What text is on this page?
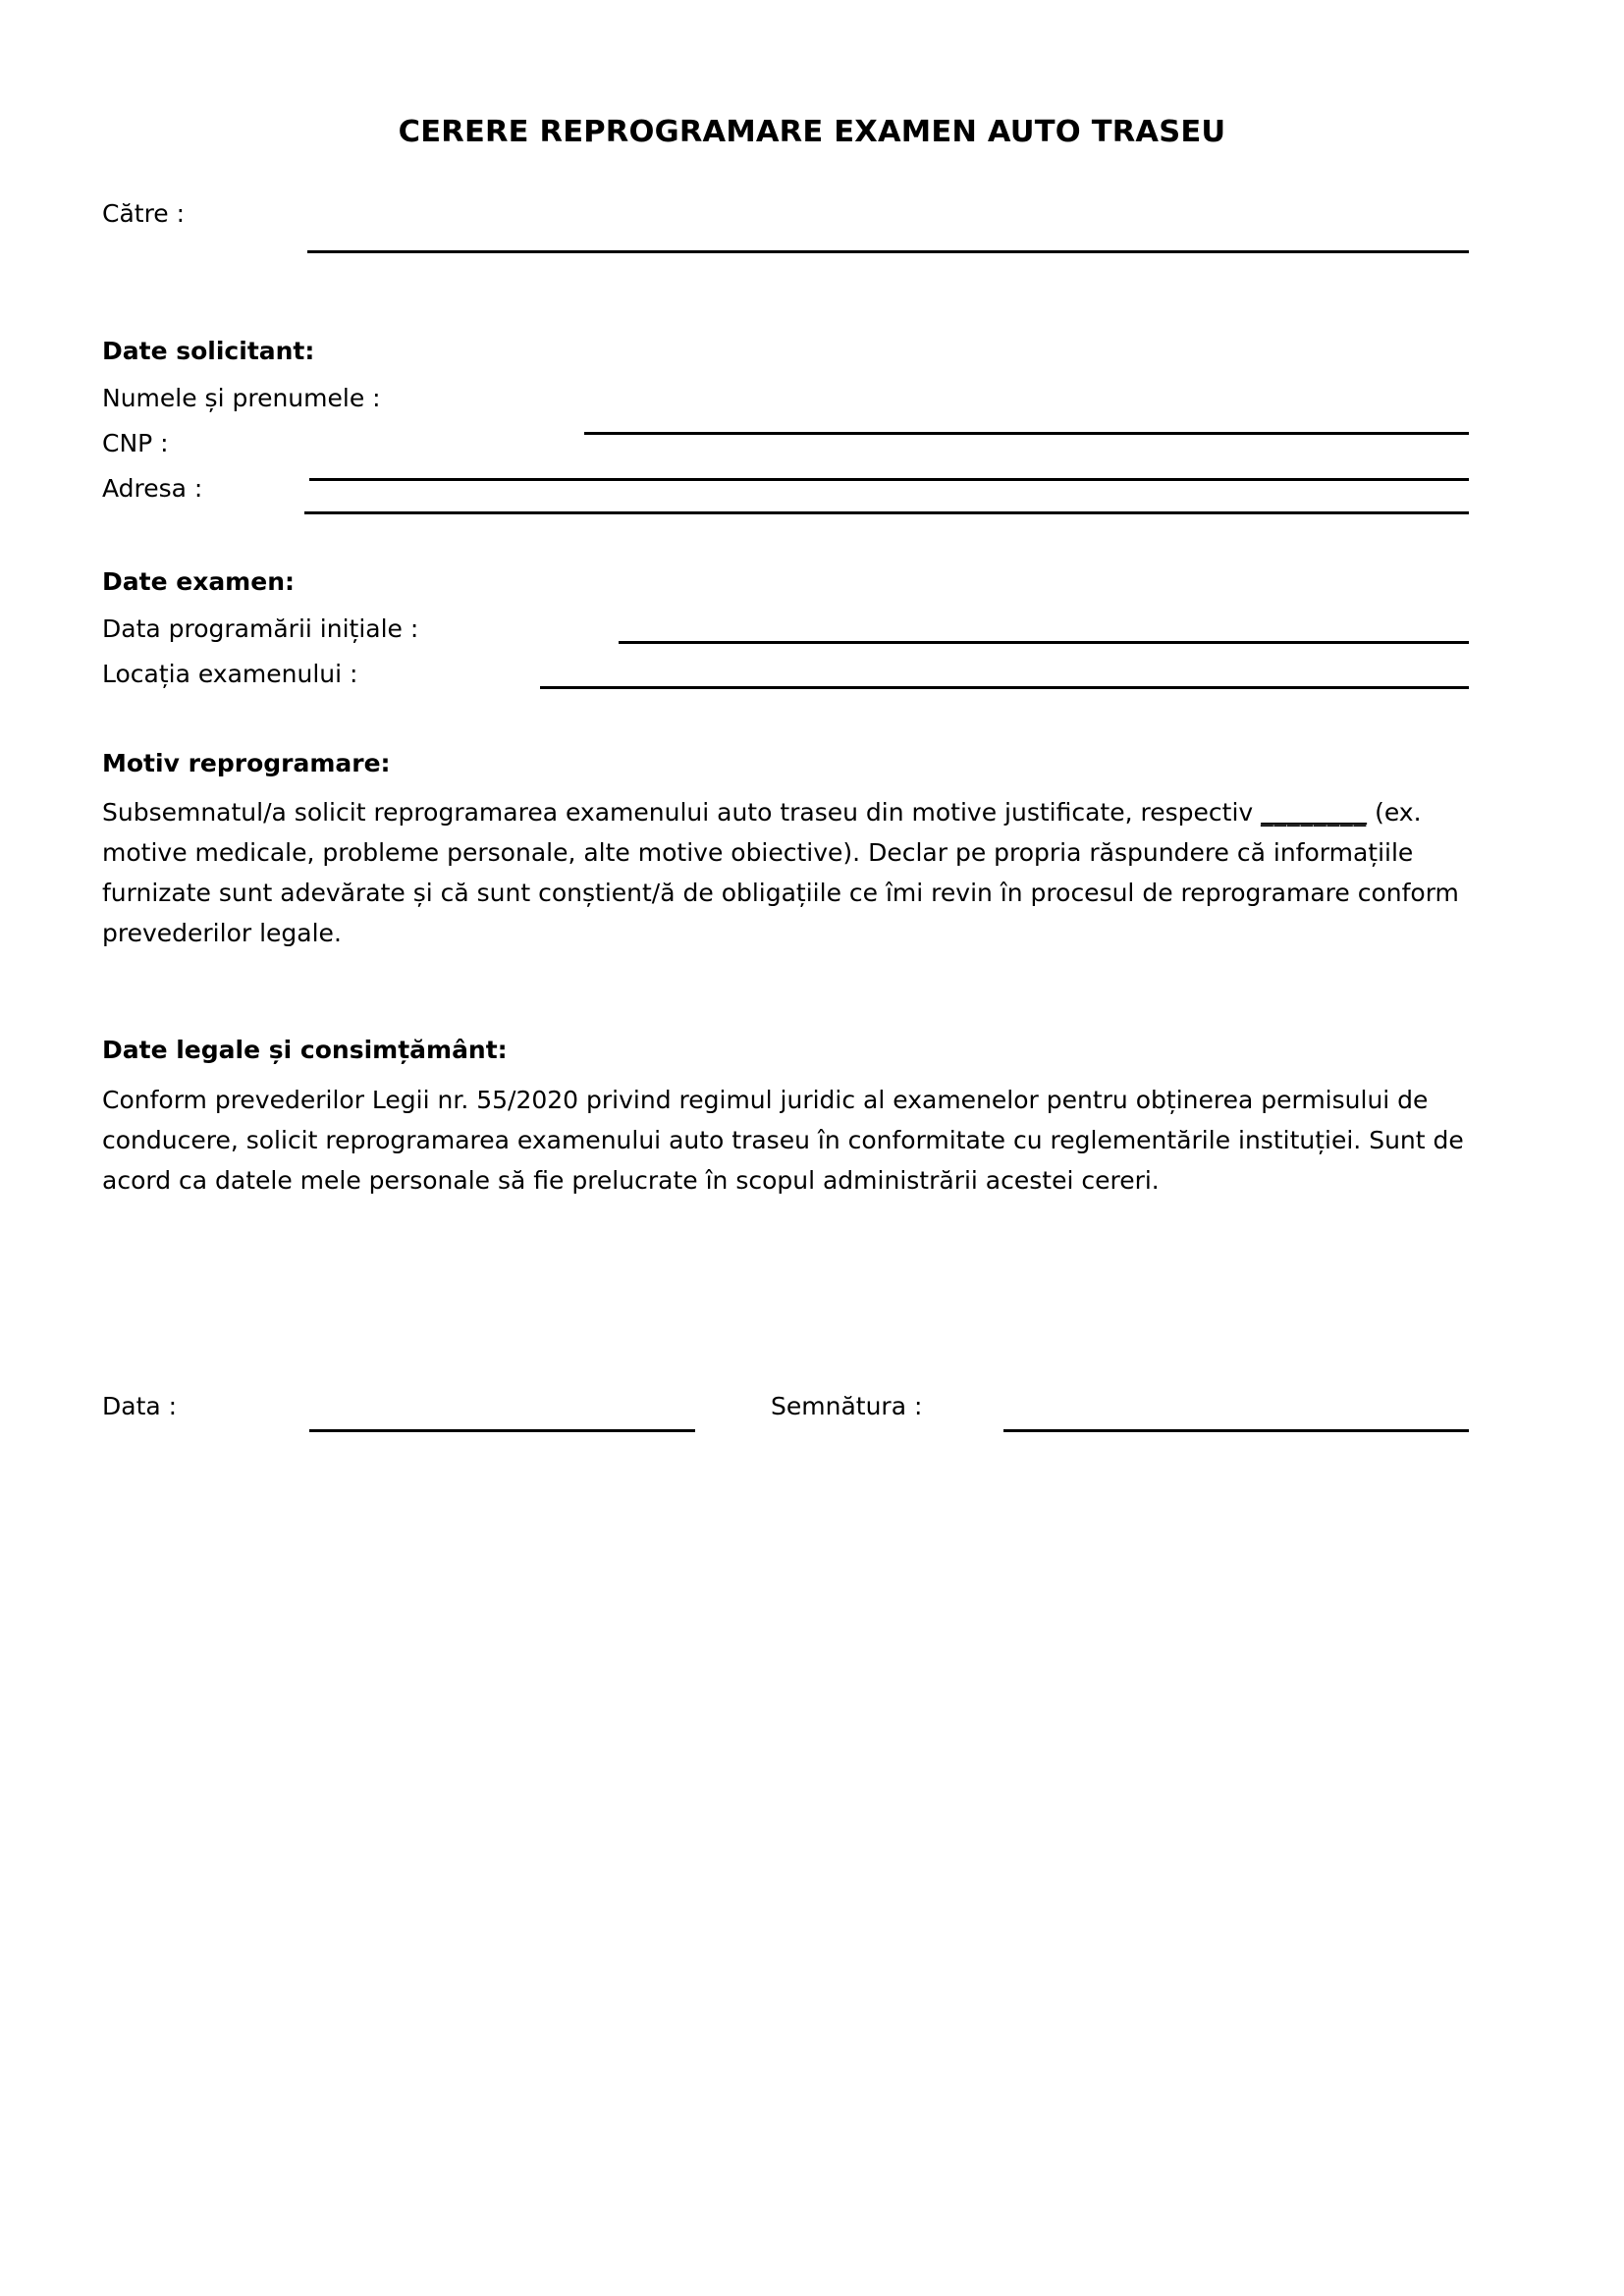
CERERE REPROGRAMARE EXAMEN AUTO TRASEU
Către :
Date solicitant:
Numele și prenumele :
CNP :
Adresa :
Date examen:
Data programării inițiale :
Locația examenului :
Motiv reprogramare:
Subsemnatul/a solicit reprogramarea examenului auto traseu din motive justificate, respectiv ________ (ex. motive medicale, probleme personale, alte motive obiective). Declar pe propria răspundere că informațiile furnizate sunt adevărate și că sunt conștient/ă de obligațiile ce îmi revin în procesul de reprogramare conform prevederilor legale.
Date legale și consimțământ:
Conform prevederilor Legii nr. 55/2020 privind regimul juridic al examenelor pentru obținerea permisului de conducere, solicit reprogramarea examenului auto traseu în conformitate cu reglementările instituției. Sunt de acord ca datele mele personale să fie prelucrate în scopul administrării acestei cereri.
Data :	Semnătura :
